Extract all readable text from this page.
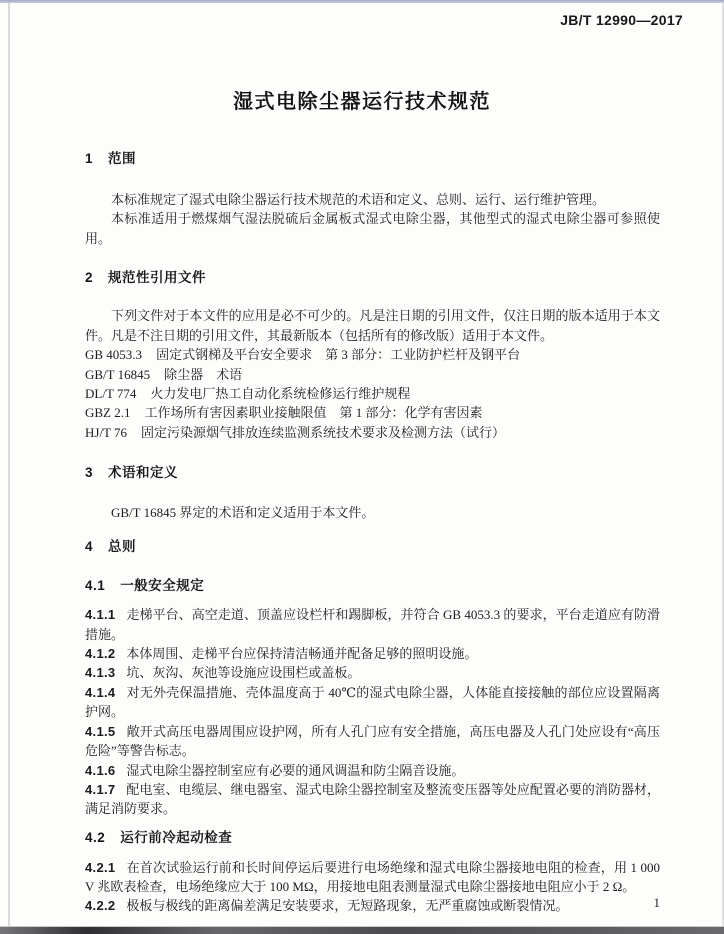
JB/T 12990—2017
湿式电除尘器运行技术规范

1 范围

本标准规定了湿式电除尘器运行技术规范的术语和定义、总则、运行、运行维护管理。

本标准适用于燃煤烟气湿法脱硫后金属板式湿式电除尘器，其他型式的湿式电除尘器可参照使用。

2 规范性引用文件

下列文件对于本文件的应用是必不可少的。凡是注日期的引用文件，仅注日期的版本适用于本文件。凡是不注日期的引用文件，其最新版本（包括所有的修改版）适用于本文件。

GB 4053.3 固定式钢梯及平台安全要求　第 3 部分：工业防护栏杆及钢平台

GB/T 16845 除尘器　术语

DL/T 774 火力发电厂热工自动化系统检修运行维护规程

GBZ 2.1 工作场所有害因素职业接触限值　第 1 部分：化学有害因素

HJ/T 76 固定污染源烟气排放连续监测系统技术要求及检测方法（试行）

3 术语和定义

GB/T 16845 界定的术语和定义适用于本文件。

4 总则

4.1 一般安全规定

4.1.1 走梯平台、高空走道、顶盖应设栏杆和踢脚板，并符合 GB 4053.3 的要求，平台走道应有防滑措施。

4.1.2 本体周围、走梯平台应保持清洁畅通并配备足够的照明设施。

4.1.3 坑、灰沟、灰池等设施应设围栏或盖板。

4.1.4 对无外壳保温措施、壳体温度高于 40℃的湿式电除尘器，人体能直接接触的部位应设置隔离护网。

4.1.5 敞开式高压电器周围应设护网，所有人孔门应有安全措施，高压电器及人孔门处应设有“高压危险”等警告标志。

4.1.6 湿式电除尘器控制室应有必要的通风调温和防尘隔音设施。

4.1.7 配电室、电缆层、继电器室、湿式电除尘器控制室及整流变压器等处应配置必要的消防器材，满足消防要求。

4.2 运行前冷起动检查

4.2.1 在首次试验运行前和长时间停运后要进行电场绝缘和湿式电除尘器接地电阻的检查，用 1 000 V 兆欧表检查，电场绝缘应大于 100 MΩ，用接地电阻表测量湿式电除尘器接地电阻应小于 2 Ω。

4.2.2 极板与极线的距离偏差满足安装要求，无短路现象，无严重腐蚀或断裂情况。	1
